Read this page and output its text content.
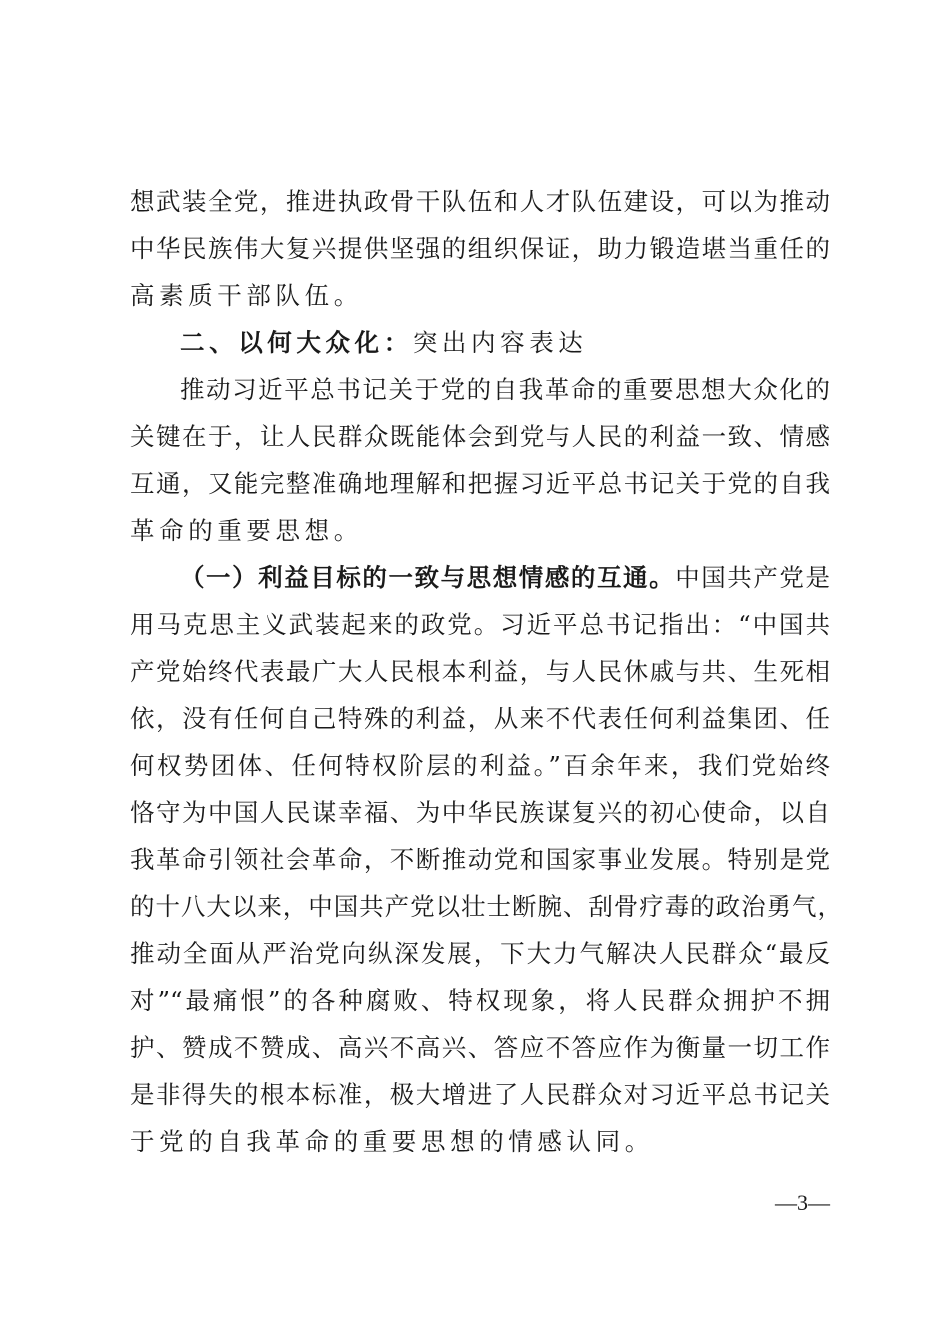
想武装全党，推进执政骨干队伍和人才队伍建设，可以为推动
中华民族伟大复兴提供坚强的组织保证，助力锻造堪当重任的
高素质干部队伍。
二、以何大众化：突出内容表达
推动习近平总书记关于党的自我革命的重要思想大众化的
关键在于，让人民群众既能体会到党与人民的利益一致、情感
互通，又能完整准确地理解和把握习近平总书记关于党的自我
革命的重要思想。
（一）利益目标的一致与思想情感的互通。中国共产党是
用马克思主义武装起来的政党。习近平总书记指出：“中国共
产党始终代表最广大人民根本利益，与人民休戚与共、生死相
依，没有任何自己特殊的利益，从来不代表任何利益集团、任
何权势团体、任何特权阶层的利益。”百余年来，我们党始终
恪守为中国人民谋幸福、为中华民族谋复兴的初心使命，以自
我革命引领社会革命，不断推动党和国家事业发展。特别是党
的十八大以来，中国共产党以壮士断腕、刮骨疗毒的政治勇气，
推动全面从严治党向纵深发展，下大力气解决人民群众“最反
对”“最痛恨”的各种腐败、特权现象，将人民群众拥护不拥
护、赞成不赞成、高兴不高兴、答应不答应作为衡量一切工作
是非得失的根本标准，极大增进了人民群众对习近平总书记关
于党的自我革命的重要思想的情感认同。
—3—
